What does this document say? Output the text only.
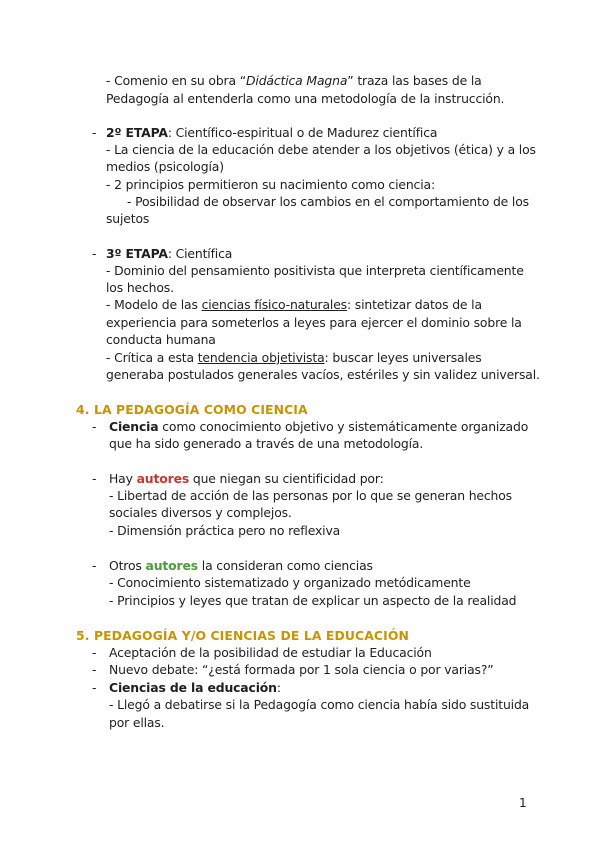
- Comenio en su obra “Didáctica Magna” traza las bases de la
Pedagogía al entenderla como una metodología de la instrucción.
- 2º ETAPA: Científico-espiritual o de Madurez científica
- La ciencia de la educación debe atender a los objetivos (ética) y a los
medios (psicología)
- 2 principios permitieron su nacimiento como ciencia:
- Posibilidad de observar los cambios en el comportamiento de los
sujetos
- 3º ETAPA: Científica
- Dominio del pensamiento positivista que interpreta científicamente
los hechos.
- Modelo de las ciencias físico-naturales: sintetizar datos de la
experiencia para someterlos a leyes para ejercer el dominio sobre la
conducta humana
- Crítica a esta tendencia objetivista: buscar leyes universales
generaba postulados generales vacíos, estériles y sin validez universal.
4. LA PEDAGOGÍA COMO CIENCIA
- Ciencia como conocimiento objetivo y sistemáticamente organizado
que ha sido generado a través de una metodología.
- Hay autores que niegan su cientificidad por:
- Libertad de acción de las personas por lo que se generan hechos
sociales diversos y complejos.
- Dimensión práctica pero no reflexiva
- Otros autores la consideran como ciencias
- Conocimiento sistematizado y organizado metódicamente
- Principios y leyes que tratan de explicar un aspecto de la realidad
5. PEDAGOGÍA Y/O CIENCIAS DE LA EDUCACIÓN
- Aceptación de la posibilidad de estudiar la Educación
- Nuevo debate: “¿está formada por 1 sola ciencia o por varias?”
- Ciencias de la educación:
- Llegó a debatirse si la Pedagogía como ciencia había sido sustituida
por ellas.
1
